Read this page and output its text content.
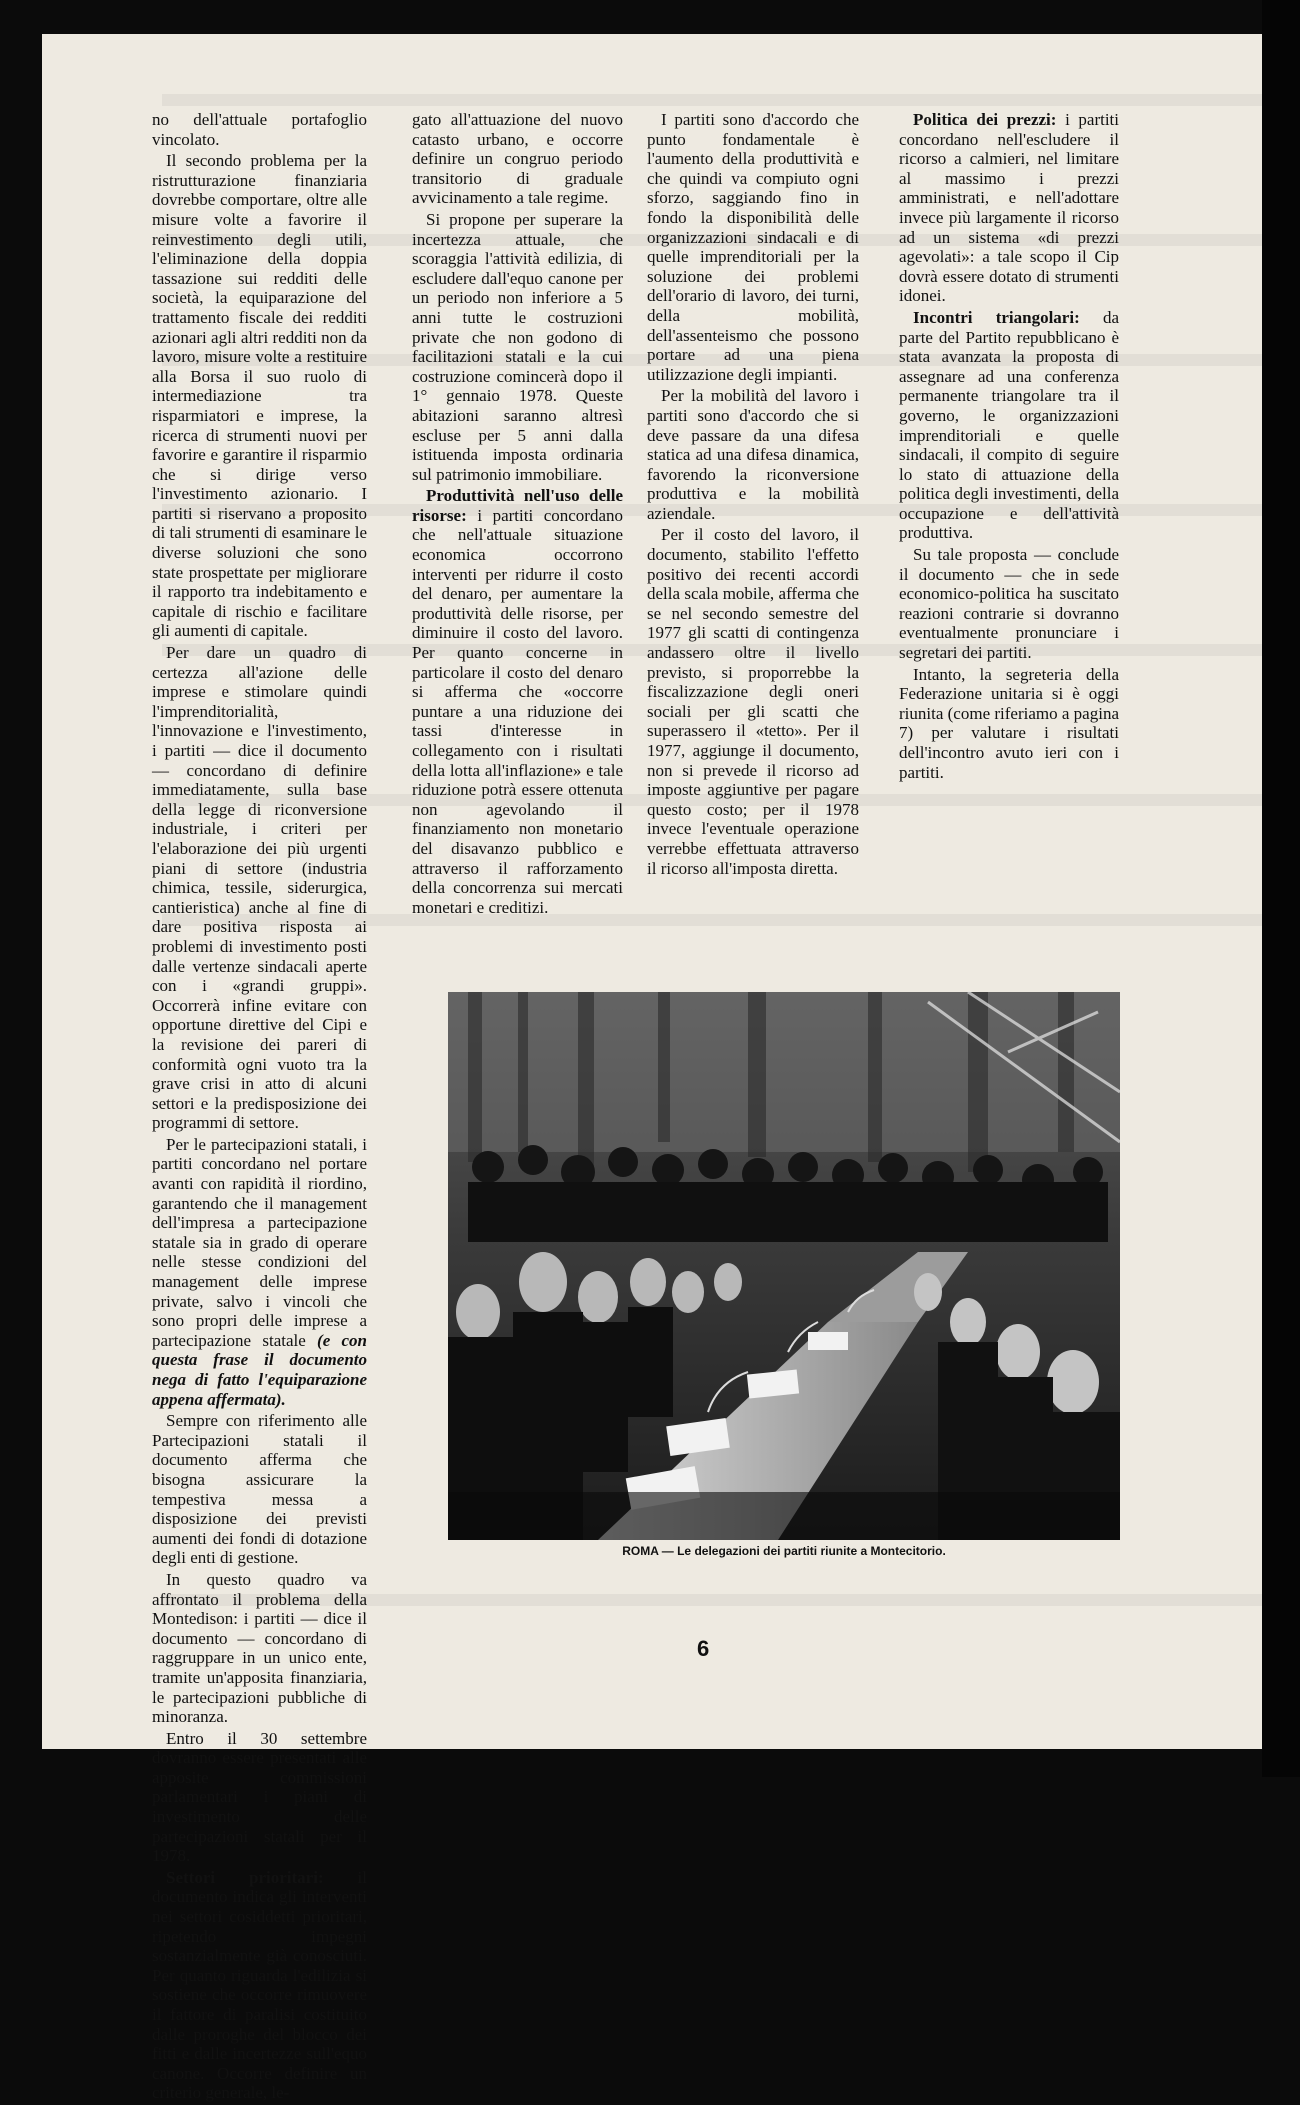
no dell'attuale portafoglio vincolato.

Il secondo problema per la ristrutturazione finanziaria dovrebbe comportare, oltre alle misure volte a favorire il reinvestimento degli utili, l'eliminazione della doppia tassazione sui redditi delle società, la equiparazione del trattamento fiscale dei redditi azionari agli altri redditi non da lavoro, misure volte a restituire alla Borsa il suo ruolo di intermediazione tra risparmiatori e imprese, la ricerca di strumenti nuovi per favorire e garantire il risparmio che si dirige verso l'investimento azionario. I partiti si riservano a proposito di tali strumenti di esaminare le diverse soluzioni che sono state prospettate per migliorare il rapporto tra indebitamento e capitale di rischio e facilitare gli aumenti di capitale.

Per dare un quadro di certezza all'azione delle imprese e stimolare quindi l'imprenditorialità, l'innovazione e l'investimento, i partiti — dice il documento — concordano di definire immediatamente, sulla base della legge di riconversione industriale, i criteri per l'elaborazione dei più urgenti piani di settore (industria chimica, tessile, siderurgica, cantieristica) anche al fine di dare positiva risposta ai problemi di investimento posti dalle vertenze sindacali aperte con i «grandi gruppi». Occorrerà infine evitare con opportune direttive del Cipi e la revisione dei pareri di conformità ogni vuoto tra la grave crisi in atto di alcuni settori e la predisposizione dei programmi di settore.

Per le partecipazioni statali, i partiti concordano nel portare avanti con rapidità il riordino, garantendo che il management dell'impresa a partecipazione statale sia in grado di operare nelle stesse condizioni del management delle imprese private, salvo i vincoli che sono propri delle imprese a partecipazione statale (e con questa frase il documento nega di fatto l'equiparazione appena affermata).

Sempre con riferimento alle Partecipazioni statali il documento afferma che bisogna assicurare la tempestiva messa a disposizione dei previsti aumenti dei fondi di dotazione degli enti di gestione.

In questo quadro va affrontato il problema della Montedison: i partiti — dice il documento — concordano di raggruppare in un unico ente, tramite un'apposita finanziaria, le partecipazioni pubbliche di minoranza.

Entro il 30 settembre dovranno essere presentati alle apposite commissioni parlamentari i piani di investimento delle partecipazioni statali per il 1978.

Settori prioritari: il documento indica gli interventi nei settori cosiddetti prioritari, ripetendo impegni sostanzialmente già conosciuti. Per quanto riguarda l'edilizia si sostiene che occorre rimuovere il fattore di paralisi costituito dalle proroghe del blocco dei fitti e dalle incertezze sull'equo canone. Occorre definire un criterio generale, le-

gato all'attuazione del nuovo catasto urbano, e occorre definire un congruo periodo transitorio di graduale avvicinamento a tale regime.

Si propone per superare la incertezza attuale, che scoraggia l'attività edilizia, di escludere dall'equo canone per un periodo non inferiore a 5 anni tutte le costruzioni private che non godono di facilitazioni statali e la cui costruzione comincerà dopo il 1° gennaio 1978. Queste abitazioni saranno altresì escluse per 5 anni dalla istituenda imposta ordinaria sul patrimonio immobiliare.

Produttività nell'uso delle risorse: i partiti concordano che nell'attuale situazione economica occorrono interventi per ridurre il costo del denaro, per aumentare la produttività delle risorse, per diminuire il costo del lavoro. Per quanto concerne in particolare il costo del denaro si afferma che «occorre puntare a una riduzione dei tassi d'interesse in collegamento con i risultati della lotta all'inflazione» e tale riduzione potrà essere ottenuta non agevolando il finanziamento non monetario del disavanzo pubblico e attraverso il rafforzamento della concorrenza sui mercati monetari e creditizi.

I partiti sono d'accordo che punto fondamentale è l'aumento della produttività e che quindi va compiuto ogni sforzo, saggiando fino in fondo la disponibilità delle organizzazioni sindacali e di quelle imprenditoriali per la soluzione dei problemi dell'orario di lavoro, dei turni, della mobilità, dell'assenteismo che possono portare ad una piena utilizzazione degli impianti.

Per la mobilità del lavoro i partiti sono d'accordo che si deve passare da una difesa statica ad una difesa dinamica, favorendo la riconversione produttiva e la mobilità aziendale.

Per il costo del lavoro, il documento, stabilito l'effetto positivo dei recenti accordi della scala mobile, afferma che se nel secondo semestre del 1977 gli scatti di contingenza andassero oltre il livello previsto, si proporrebbe la fiscalizzazione degli oneri sociali per gli scatti che superassero il «tetto». Per il 1977, aggiunge il documento, non si prevede il ricorso ad imposte aggiuntive per pagare questo costo; per il 1978 invece l'eventuale operazione verrebbe effettuata attraverso il ricorso all'imposta diretta.

Politica dei prezzi: i partiti concordano nell'escludere il ricorso a calmieri, nel limitare al massimo i prezzi amministrati, e nell'adottare invece più largamente il ricorso ad un sistema «di prezzi agevolati»: a tale scopo il Cip dovrà essere dotato di strumenti idonei.

Incontri triangolari: da parte del Partito repubblicano è stata avanzata la proposta di assegnare ad una conferenza permanente triangolare tra il governo, le organizzazioni imprenditoriali e quelle sindacali, il compito di seguire lo stato di attuazione della politica degli investimenti, della occupazione e dell'attività produttiva.

Su tale proposta — conclude il documento — che in sede economico-politica ha suscitato reazioni contrarie si dovranno eventualmente pronunciare i segretari dei partiti.

Intanto, la segreteria della Federazione unitaria si è oggi riunita (come riferiamo a pagina 7) per valutare i risultati dell'incontro avuto ieri con i partiti.

ROMA — Le delegazioni dei partiti riunite a Montecitorio.
6
